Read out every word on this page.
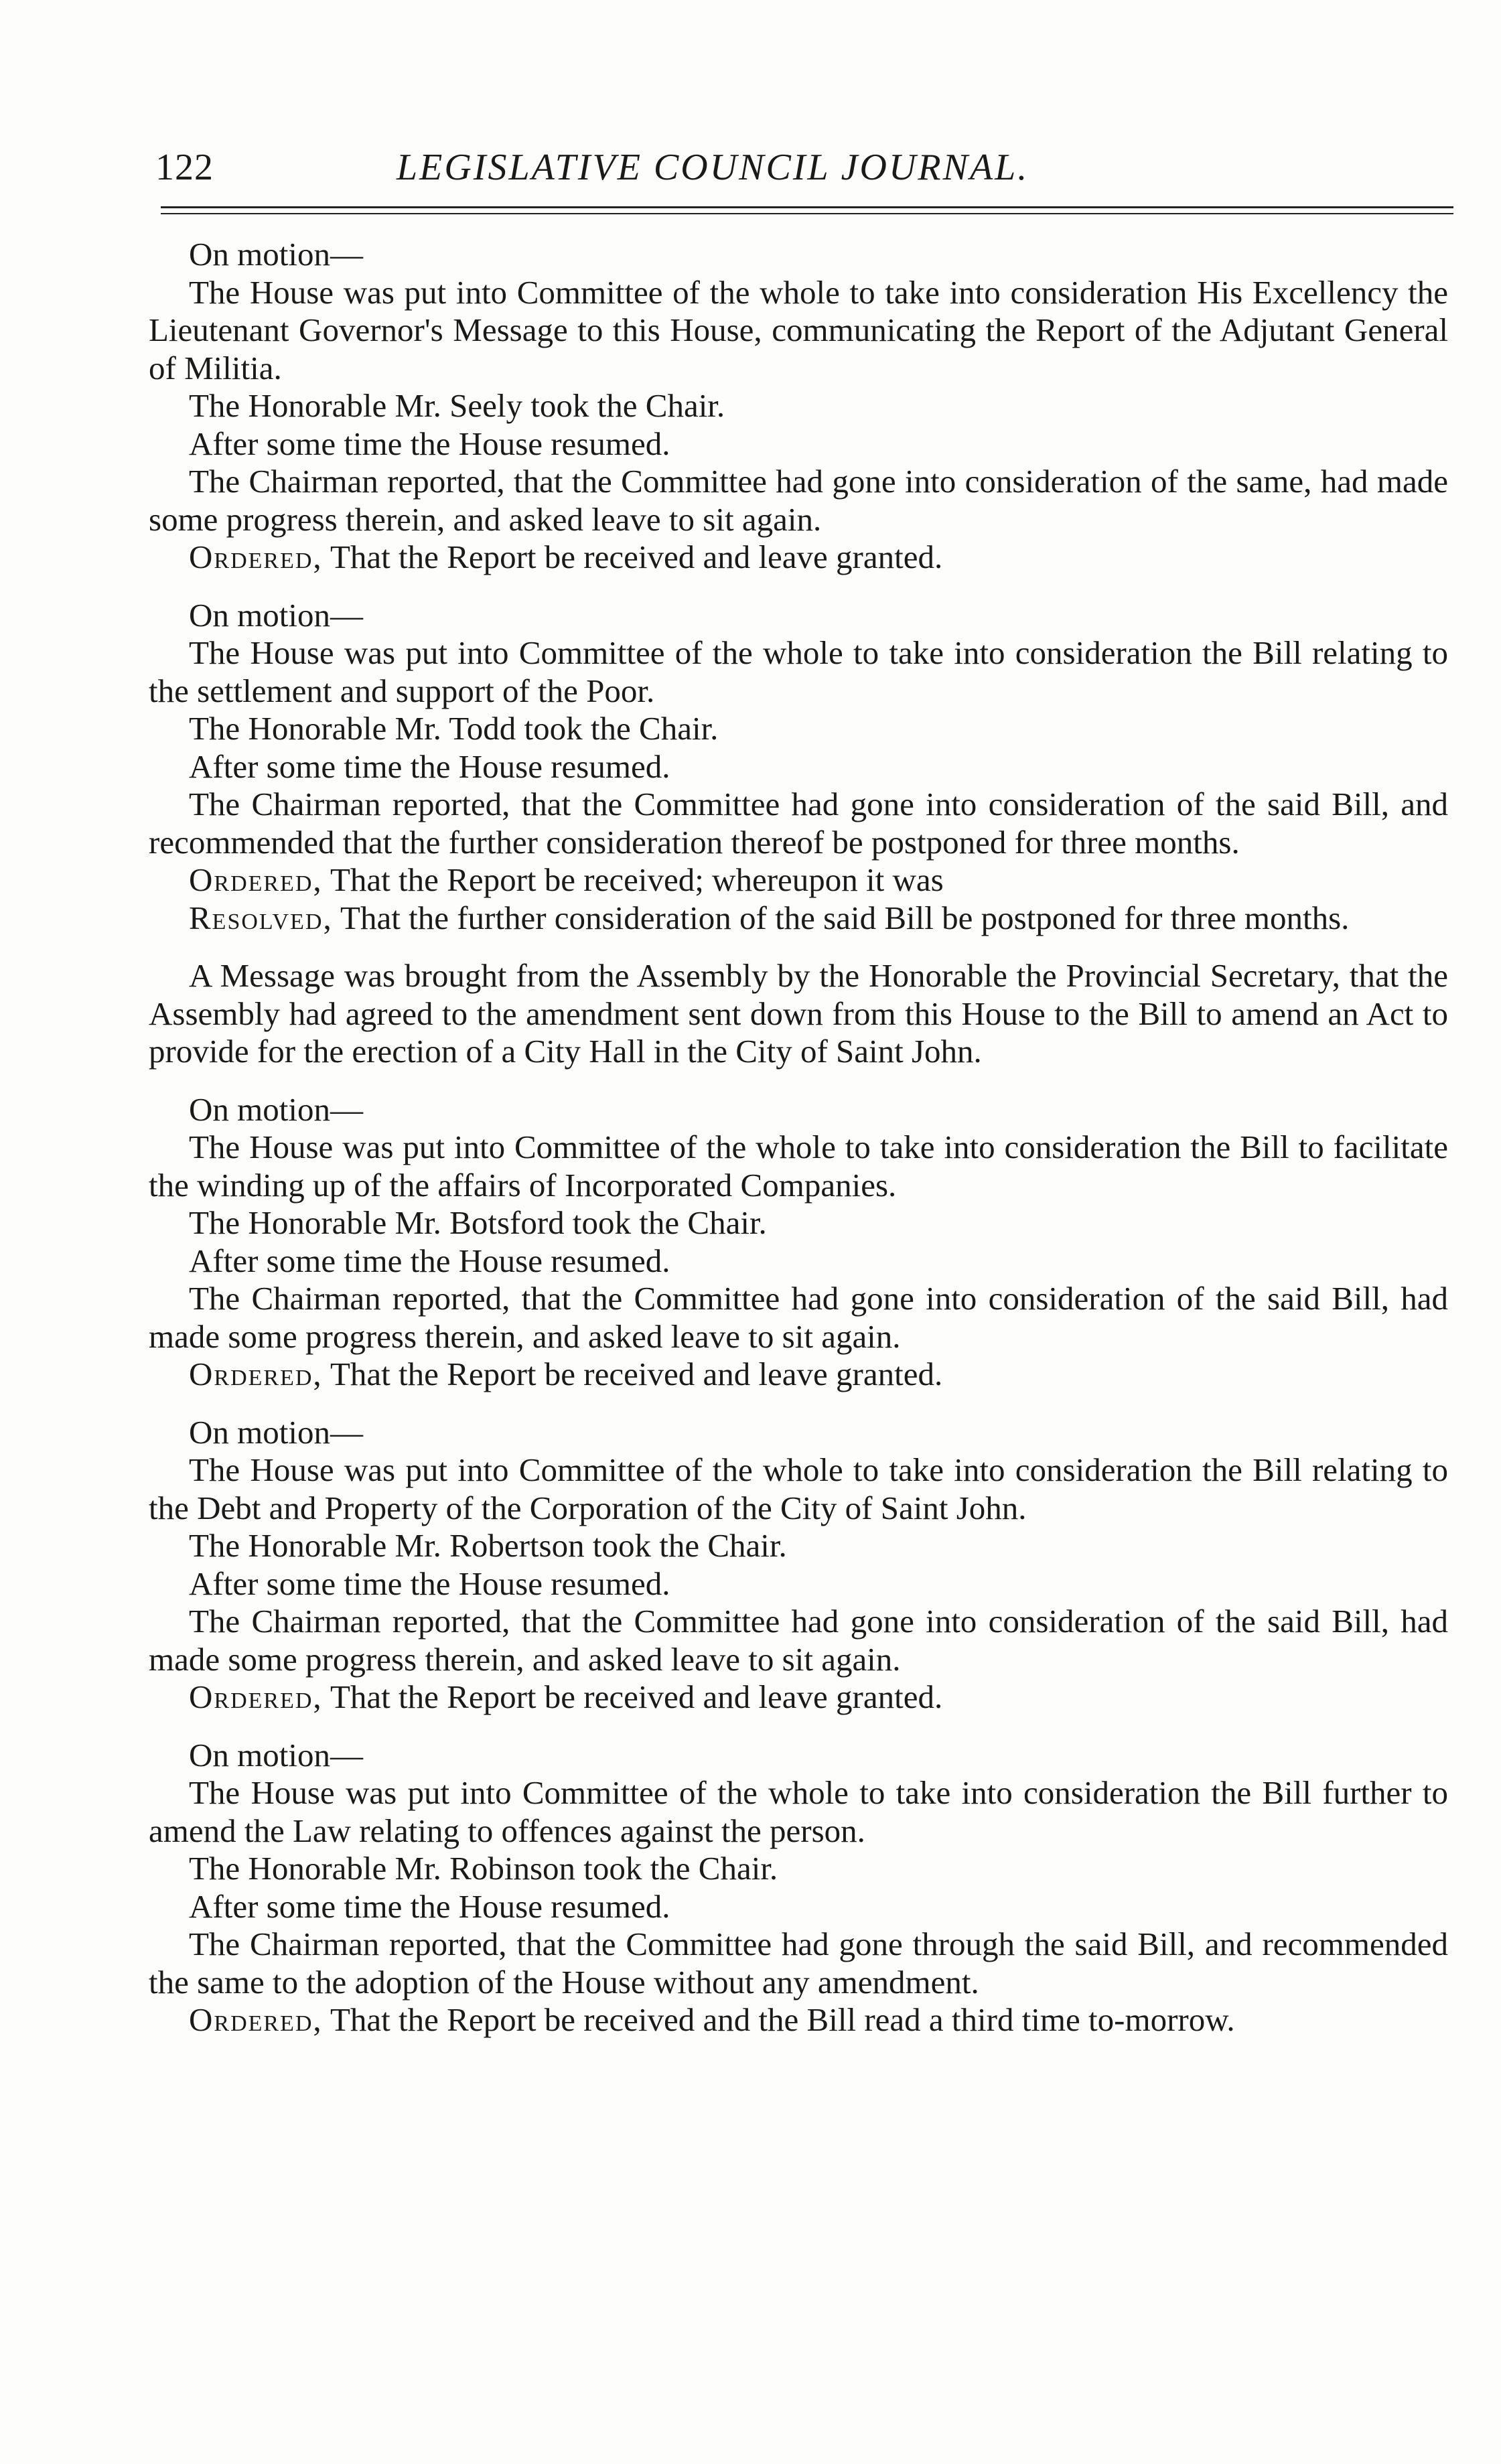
122	LEGISLATIVE COUNCIL JOURNAL.

On motion—

The House was put into Committee of the whole to take into consideration His Excellency the Lieutenant Governor's Message to this House, communicating the Report of the Adjutant General of Militia.

The Honorable Mr. Seely took the Chair.

After some time the House resumed.

The Chairman reported, that the Committee had gone into consideration of the same, had made some progress therein, and asked leave to sit again.

Ordered, That the Report be received and leave granted.

On motion—

The House was put into Committee of the whole to take into consideration the Bill relating to the settlement and support of the Poor.

The Honorable Mr. Todd took the Chair.

After some time the House resumed.

The Chairman reported, that the Committee had gone into consideration of the said Bill, and recommended that the further consideration thereof be postponed for three months.

Ordered, That the Report be received; whereupon it was

Resolved, That the further consideration of the said Bill be postponed for three months.

A Message was brought from the Assembly by the Honorable the Provincial Secretary, that the Assembly had agreed to the amendment sent down from this House to the Bill to amend an Act to provide for the erection of a City Hall in the City of Saint John.

On motion—

The House was put into Committee of the whole to take into consideration the Bill to facilitate the winding up of the affairs of Incorporated Companies.

The Honorable Mr. Botsford took the Chair.

After some time the House resumed.

The Chairman reported, that the Committee had gone into consideration of the said Bill, had made some progress therein, and asked leave to sit again.

Ordered, That the Report be received and leave granted.

On motion—

The House was put into Committee of the whole to take into consideration the Bill relating to the Debt and Property of the Corporation of the City of Saint John.

The Honorable Mr. Robertson took the Chair.

After some time the House resumed.

The Chairman reported, that the Committee had gone into consideration of the said Bill, had made some progress therein, and asked leave to sit again.

Ordered, That the Report be received and leave granted.

On motion—

The House was put into Committee of the whole to take into consideration the Bill further to amend the Law relating to offences against the person.

The Honorable Mr. Robinson took the Chair.

After some time the House resumed.

The Chairman reported, that the Committee had gone through the said Bill, and recommended the same to the adoption of the House without any amendment.

Ordered, That the Report be received and the Bill read a third time to-morrow.
